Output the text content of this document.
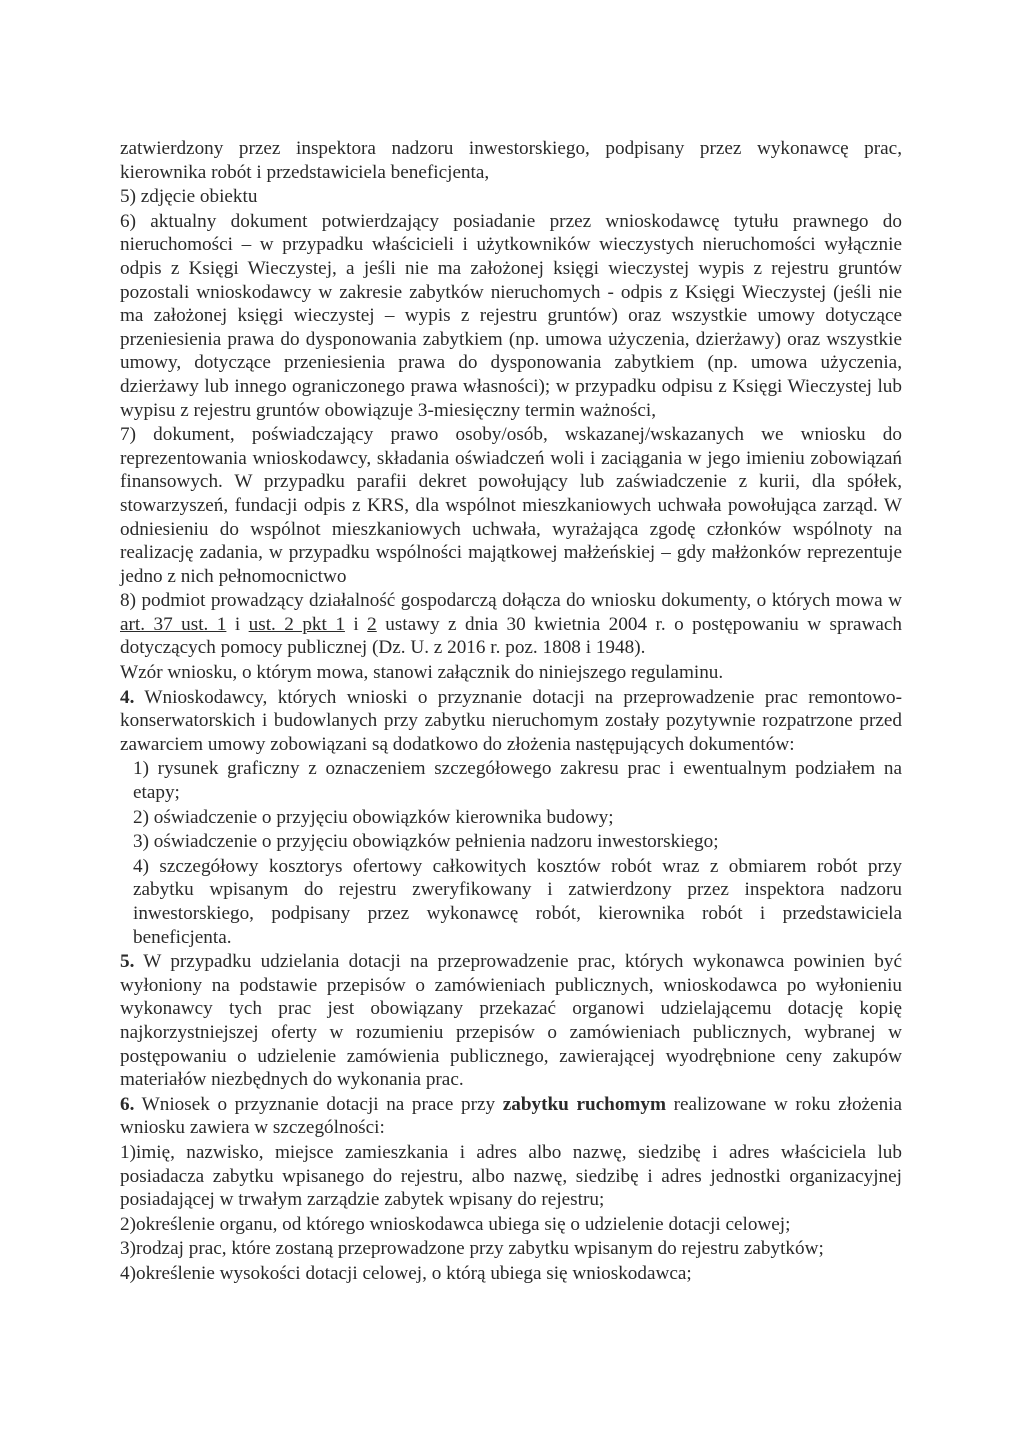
zatwierdzony przez inspektora nadzoru inwestorskiego, podpisany przez wykonawcę prac, kierownika robót i przedstawiciela beneficjenta,

5) zdjęcie obiektu

6) aktualny dokument potwierdzający posiadanie przez wnioskodawcę tytułu prawnego do nieruchomości – w przypadku właścicieli i użytkowników wieczystych nieruchomości wyłącznie odpis z Księgi Wieczystej, a jeśli nie ma założonej księgi wieczystej wypis z rejestru gruntów pozostali wnioskodawcy w zakresie zabytków nieruchomych - odpis z Księgi Wieczystej (jeśli nie ma założonej księgi wieczystej – wypis z rejestru gruntów) oraz wszystkie umowy dotyczące przeniesienia prawa do dysponowania zabytkiem (np. umowa użyczenia, dzierżawy) oraz wszystkie umowy, dotyczące przeniesienia prawa do dysponowania zabytkiem (np. umowa użyczenia, dzierżawy lub innego ograniczonego prawa własności); w przypadku odpisu z Księgi Wieczystej lub wypisu z rejestru gruntów obowiązuje 3-miesięczny termin ważności,

7) dokument, poświadczający prawo osoby/osób, wskazanej/wskazanych we wniosku do reprezentowania wnioskodawcy, składania oświadczeń woli i zaciągania w jego imieniu zobowiązań finansowych. W przypadku parafii dekret powołujący lub zaświadczenie z kurii, dla spółek, stowarzyszeń, fundacji odpis z KRS, dla wspólnot mieszkaniowych uchwała powołująca zarząd. W odniesieniu do wspólnot mieszkaniowych uchwała, wyrażająca zgodę członków wspólnoty na realizację zadania, w przypadku wspólności majątkowej małżeńskiej – gdy małżonków reprezentuje jedno z nich pełnomocnictwo

8) podmiot prowadzący działalność gospodarczą dołącza do wniosku dokumenty, o których mowa w art. 37 ust. 1 i ust. 2 pkt 1 i 2 ustawy z dnia 30 kwietnia 2004 r. o postępowaniu w sprawach dotyczących pomocy publicznej (Dz. U. z 2016 r. poz. 1808 i 1948).

Wzór wniosku, o którym mowa, stanowi załącznik do niniejszego regulaminu.

4. Wnioskodawcy, których wnioski o przyznanie dotacji na przeprowadzenie prac remontowo-konserwatorskich i budowlanych przy zabytku nieruchomym zostały pozytywnie rozpatrzone przed zawarciem umowy zobowiązani są dodatkowo do złożenia następujących dokumentów:

1) rysunek graficzny z oznaczeniem szczegółowego zakresu prac i ewentualnym podziałem na etapy;

2) oświadczenie o przyjęciu obowiązków kierownika budowy;

3) oświadczenie o przyjęciu obowiązków pełnienia nadzoru inwestorskiego;

4) szczegółowy kosztorys ofertowy całkowitych kosztów robót wraz z obmiarem robót przy zabytku wpisanym do rejestru zweryfikowany i zatwierdzony przez inspektora nadzoru inwestorskiego, podpisany przez wykonawcę robót, kierownika robót i przedstawiciela beneficjenta.

5. W przypadku udzielania dotacji na przeprowadzenie prac, których wykonawca powinien być wyłoniony na podstawie przepisów o zamówieniach publicznych, wnioskodawca po wyłonieniu wykonawcy tych prac jest obowiązany przekazać organowi udzielającemu dotację kopię najkorzystniejszej oferty w rozumieniu przepisów o zamówieniach publicznych, wybranej w postępowaniu o udzielenie zamówienia publicznego, zawierającej wyodrębnione ceny zakupów materiałów niezbędnych do wykonania prac.

6. Wniosek o przyznanie dotacji na prace przy zabytku ruchomym realizowane w roku złożenia wniosku zawiera w szczególności:

1)imię, nazwisko, miejsce zamieszkania i adres albo nazwę, siedzibę i adres właściciela lub posiadacza zabytku wpisanego do rejestru, albo nazwę, siedzibę i adres jednostki organizacyjnej posiadającej w trwałym zarządzie zabytek wpisany do rejestru;

2)określenie organu, od którego wnioskodawca ubiega się o udzielenie dotacji celowej;

3)rodzaj prac, które zostaną przeprowadzone przy zabytku wpisanym do rejestru zabytków;

4)określenie wysokości dotacji celowej, o którą ubiega się wnioskodawca;
